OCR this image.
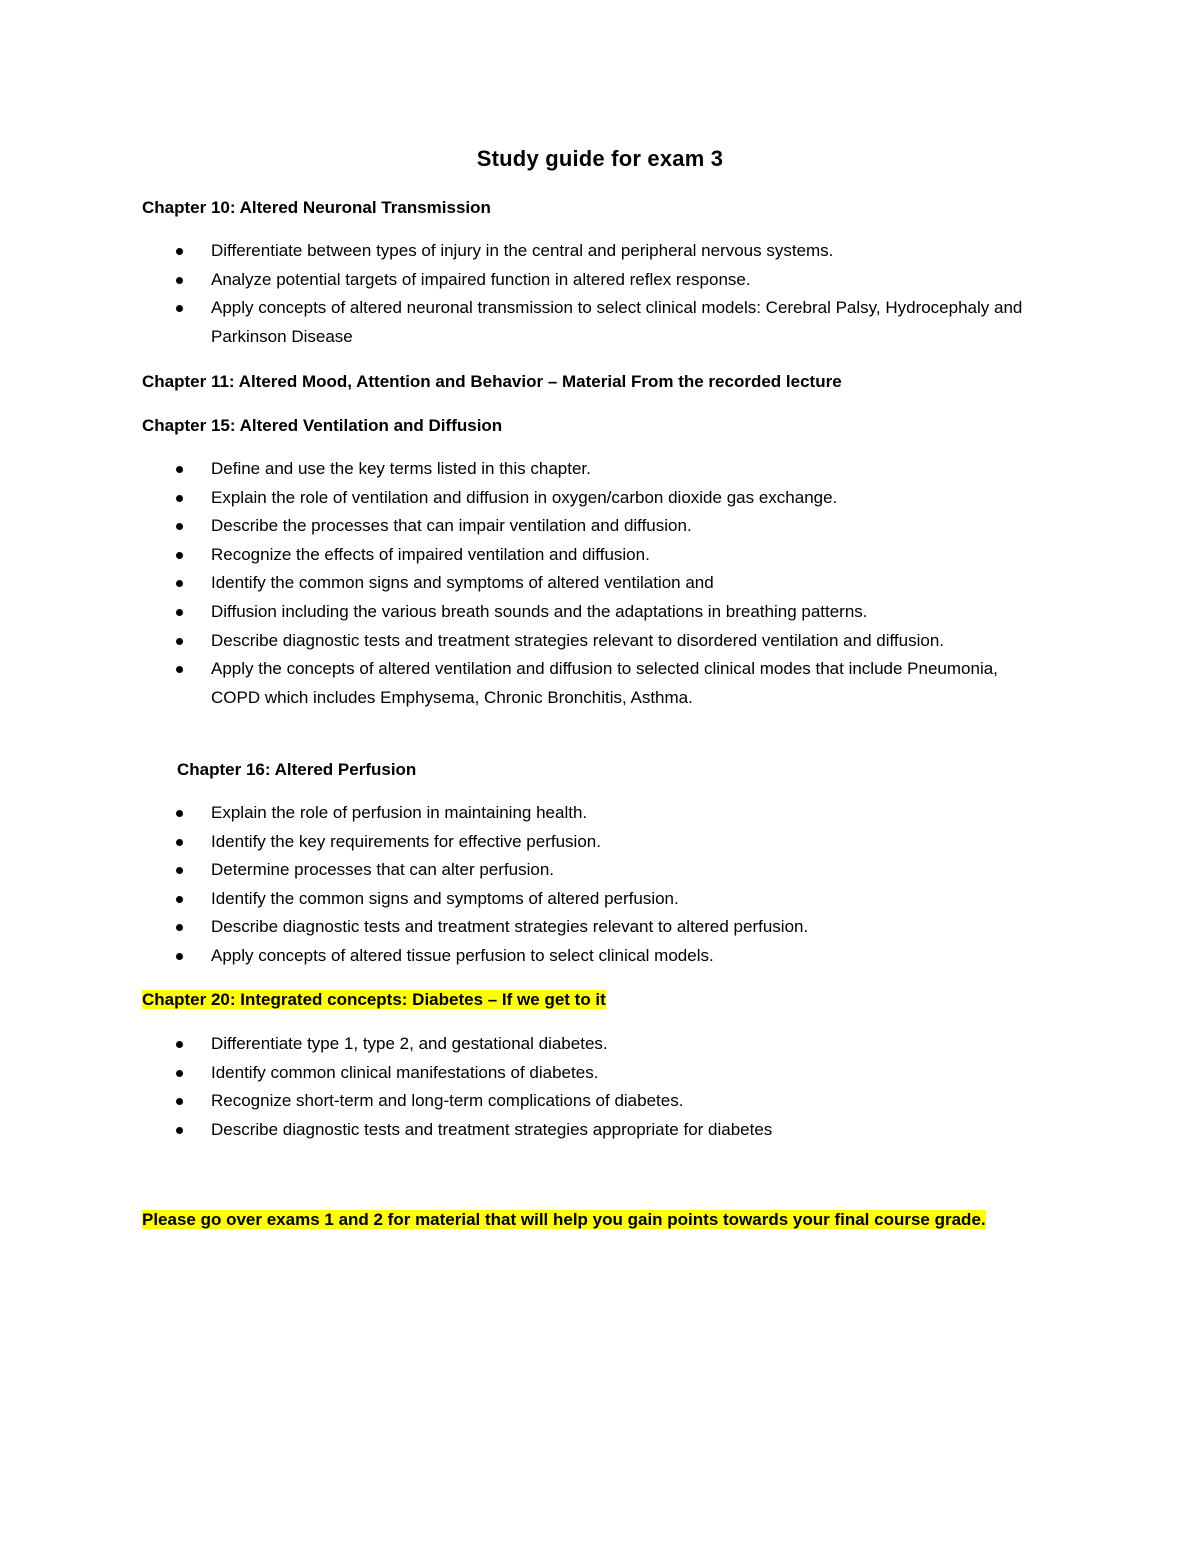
Study guide for exam 3
Chapter 10: Altered Neuronal Transmission
Differentiate between types of injury in the central and peripheral nervous systems.
Analyze potential targets of impaired function in altered reflex response.
Apply concepts of altered neuronal transmission to select clinical models: Cerebral Palsy, Hydrocephaly and Parkinson Disease
Chapter 11: Altered Mood, Attention and Behavior – Material From the recorded lecture
Chapter 15: Altered Ventilation and Diffusion
Define and use the key terms listed in this chapter.
Explain the role of ventilation and diffusion in oxygen/carbon dioxide gas exchange.
Describe the processes that can impair ventilation and diffusion.
Recognize the effects of impaired ventilation and diffusion.
Identify the common signs and symptoms of altered ventilation and
Diffusion including the various breath sounds and the adaptations in breathing patterns.
Describe diagnostic tests and treatment strategies relevant to disordered ventilation and diffusion.
Apply the concepts of altered ventilation and diffusion to selected clinical modes that include Pneumonia, COPD which includes Emphysema, Chronic Bronchitis, Asthma.
Chapter 16: Altered Perfusion
Explain the role of perfusion in maintaining health.
Identify the key requirements for effective perfusion.
Determine processes that can alter perfusion.
Identify the common signs and symptoms of altered perfusion.
Describe diagnostic tests and treatment strategies relevant to altered perfusion.
Apply concepts of altered tissue perfusion to select clinical models.
Chapter 20: Integrated concepts: Diabetes – If we get to it
Differentiate type 1, type 2, and gestational diabetes.
Identify common clinical manifestations of diabetes.
Recognize short-term and long-term complications of diabetes.
Describe diagnostic tests and treatment strategies appropriate for diabetes
Please go over exams 1 and 2 for material that will help you gain points towards your final course grade.
